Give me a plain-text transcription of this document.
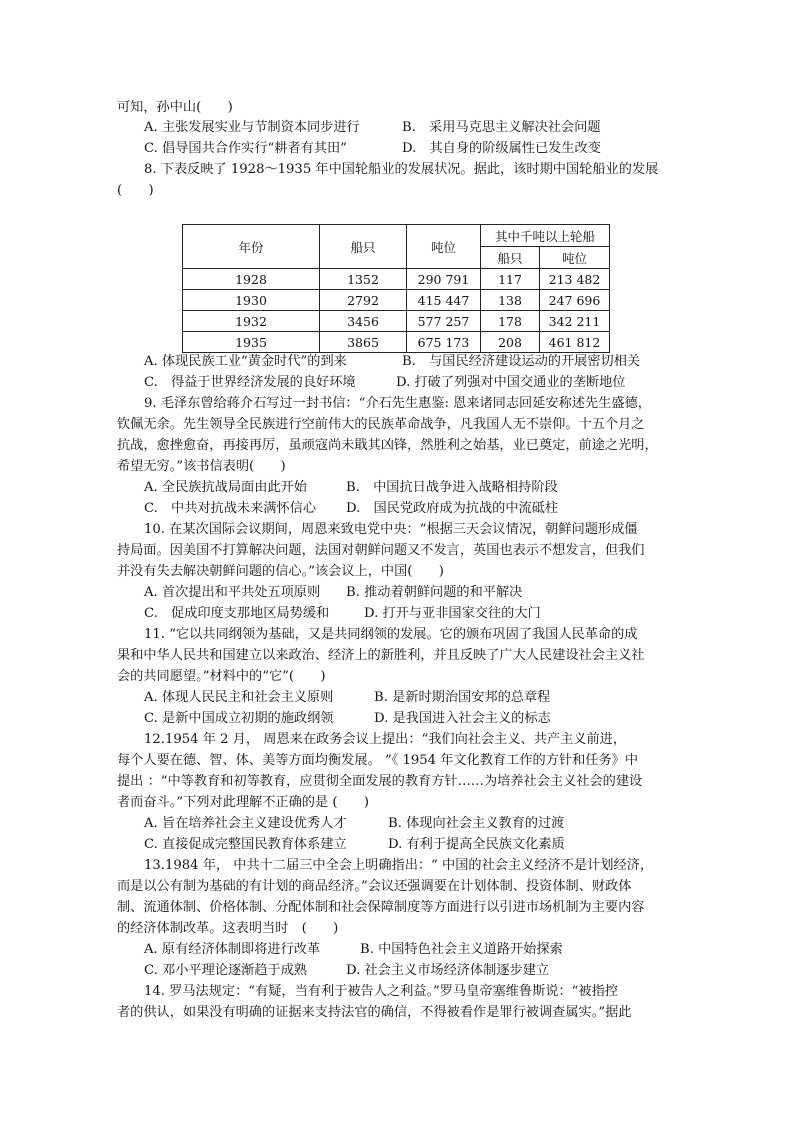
可知，孙中山(　　)
A. 主张发展实业与节制资本同步进行	B.　采用马克思主义解决社会问题
C. 倡导国共合作实行“耕者有其田”	D.　其自身的阶级属性已发生改变
8. 下表反映了 1928～1935 年中国轮船业的发展状况。据此，该时期中国轮船业的发展
(　　)
年份	船只	吨位	其中千吨以上轮船	
			船只	吨位
1928	1352	290 791	117	213 482
1930	2792	415 447	138	247 696
1932	3456	577 257	178	342 211
1935	3865	675 173	208	461 812
A. 体现民族工业“黄金时代”的到来	B.　与国民经济建设运动的开展密切相关
C.　得益于世界经济发展的良好环境	D. 打破了列强对中国交通业的垄断地位
9. 毛泽东曾给蒋介石写过一封书信：“介石先生惠鉴: 恩来诸同志回延安称述先生盛德，
钦佩无余。先生领导全民族进行空前伟大的民族革命战争，凡我国人无不崇仰。十五个月之
抗战，愈挫愈奋，再接再厉，虽顽寇尚未戢其凶锋，然胜利之始基，业已奠定，前途之光明，
希望无穷。”该书信表明(　　)
A. 全民族抗战局面由此开始	B.　中国抗日战争进入战略相持阶段
C.　中共对抗战未来满怀信心 D.　国民党政府成为抗战的中流砥柱
10. 在某次国际会议期间，周恩来致电党中央：“根据三天会议情况，朝鲜问题形成僵
持局面。因美国不打算解决问题，法国对朝鲜问题又不发言，英国也表示不想发言，但我们
并没有失去解决朝鲜问题的信心。”该会议上，中国(　　)
A. 首次提出和平共处五项原则 B. 推动着朝鲜问题的和平解决
C.　促成印度支那地区局势缓和	D. 打开与亚非国家交往的大门
11. “它以共同纲领为基础，又是共同纲领的发展。它的颁布巩固了我国人民革命的成
果和中华人民共和国建立以来政治、经济上的新胜利，并且反映了广大人民建设社会主义社
会的共同愿望。”材料中的“它”(　　)
A. 体现人民民主和社会主义原则	B. 是新时期治国安邦的总章程
C. 是新中国成立初期的施政纲领	D. 是我国进入社会主义的标志
12.1954 年 2 月， 周恩来在政务会议上提出：“我们向社会主义、共产主义前进，
每个人要在德、智、体、美等方面均衡发展。 ”《 1954 年文化教育工作的方针和任务》中
提出 ：“中等教育和初等教育，应贯彻全面发展的教育方针……为培养社会主义社会的建设
者而奋斗。”下列对此理解不正确的是 (　　)
A. 旨在培养社会主义建设优秀人才	B. 体现向社会主义教育的过渡
C. 直接促成完整国民教育体系建立	D. 有利于提高全民族文化素质
13.1984 年， 中共十二届三中全会上明确指出：“ 中国的社会主义经济不是计划经济，
而是以公有制为基础的有计划的商品经济。”会议还强调要在计划体制、投资体制、财政体
制、流通体制、价格体制、分配体制和社会保障制度等方面进行以引进市场机制为主要内容
的经济体制改革。这表明当时　(　　)
A. 原有经济体制即将进行改革	B. 中国特色社会主义道路开始探索
C. 邓小平理论逐渐趋于成熟	D. 社会主义市场经济体制逐步建立
14. 罗马法规定：“有疑，当有利于被告人之利益。”罗马皇帝塞维鲁斯说：“被指控
者的供认，如果没有明确的证据来支持法官的确信，不得被看作是罪行被调查属实。”据此
